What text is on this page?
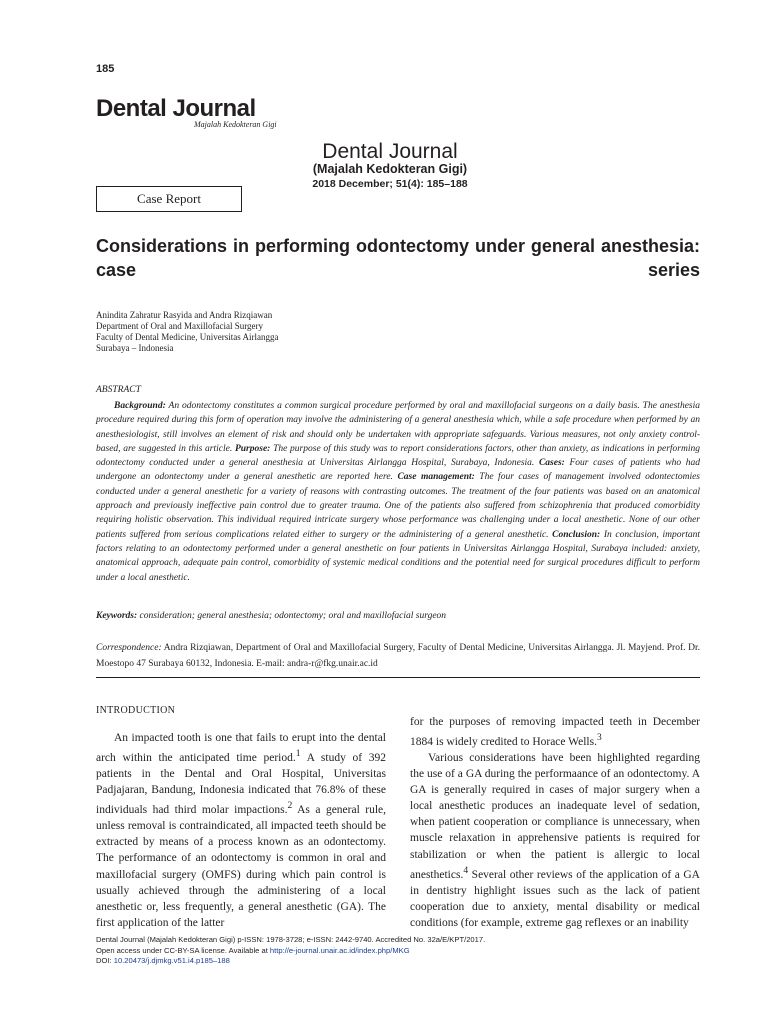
185
Dental Journal
Majalah Kedokteran Gigi
Dental Journal
(Majalah Kedokteran Gigi)
2018 December; 51(4): 185–188
Case Report
Considerations in performing odontectomy under general anesthesia: case series
Anindita Zahratur Rasyida and Andra Rizqiawan
Department of Oral and Maxillofacial Surgery
Faculty of Dental Medicine, Universitas Airlangga
Surabaya – Indonesia
ABSTRACT
Background: An odontectomy constitutes a common surgical procedure performed by oral and maxillofacial surgeons on a daily basis. The anesthesia procedure required during this form of operation may involve the administering of a general anesthesia which, while a safe procedure when performed by an anesthesiologist, still involves an element of risk and should only be undertaken with appropriate safeguards. Various measures, not only anxiety control-based, are suggested in this article. Purpose: The purpose of this study was to report considerations factors, other than anxiety, as indications in performing odontectomy conducted under a general anesthesia at Universitas Airlangga Hospital, Surabaya, Indonesia. Cases: Four cases of patients who had undergone an odontectomy under a general anesthetic are reported here. Case management: The four cases of management involved odontectomies conducted under a general anesthetic for a variety of reasons with contrasting outcomes. The treatment of the four patients was based on an anatomical approach and previously ineffective pain control due to greater trauma. One of the patients also suffered from schizophrenia that produced comorbidity requiring holistic observation. This individual required intricate surgery whose performance was challenging under a local anesthetic. None of our other patients suffered from serious complications related either to surgery or the administering of a general anesthetic. Conclusion: In conclusion, important factors relating to an odontectomy performed under a general anesthetic on four patients in Universitas Airlangga Hospital, Surabaya included: anxiety, anatomical approach, adequate pain control, comorbidity of systemic medical conditions and the potential need for surgical procedures difficult to perform under a local anesthetic.
Keywords: consideration; general anesthesia; odontectomy; oral and maxillofacial surgeon
Correspondence: Andra Rizqiawan, Department of Oral and Maxillofacial Surgery, Faculty of Dental Medicine, Universitas Airlangga. Jl. Mayjend. Prof. Dr. Moestopo 47 Surabaya 60132, Indonesia. E-mail: andra-r@fkg.unair.ac.id
INTRODUCTION

An impacted tooth is one that fails to erupt into the dental arch within the anticipated time period.$^1$ A study of 392 patients in the Dental and Oral Hospital, Universitas Padjajaran, Bandung, Indonesia indicated that 76.8% of these individuals had third molar impactions.$^2$ As a general rule, unless removal is contraindicated, all impacted teeth should be extracted by means of a process known as an odontectomy. The performance of an odontectomy is common in oral and maxillofacial surgery (OMFS) during which pain control is usually achieved through the administering of a local anesthetic or, less frequently, a general anesthetic (GA). The first application of the latter

for the purposes of removing impacted teeth in December 1884 is widely credited to Horace Wells.$^3$

Various considerations have been highlighted regarding the use of a GA during the performaance of an odontectomy. A GA is generally required in cases of major surgery when a local anesthetic produces an inadequate level of sedation, when patient cooperation or compliance is unnecessary, when muscle relaxation in apprehensive patients is required for stabilization or when the patient is allergic to local anesthetics.$^4$ Several other reviews of the application of a GA in dentistry highlight issues such as the lack of patient cooperation due to anxiety, mental disability or medical conditions (for example, extreme gag reflexes or an inability

Dental Journal (Majalah Kedokteran Gigi) p-ISSN: 1978-3728; e-ISSN: 2442-9740. Accredited No. 32a/E/KPT/2017.
Open access under CC-BY-SA license. Available at http://e-journal.unair.ac.id/index.php/MKG
DOI: 10.20473/j.djmkg.v51.i4.p185–188
